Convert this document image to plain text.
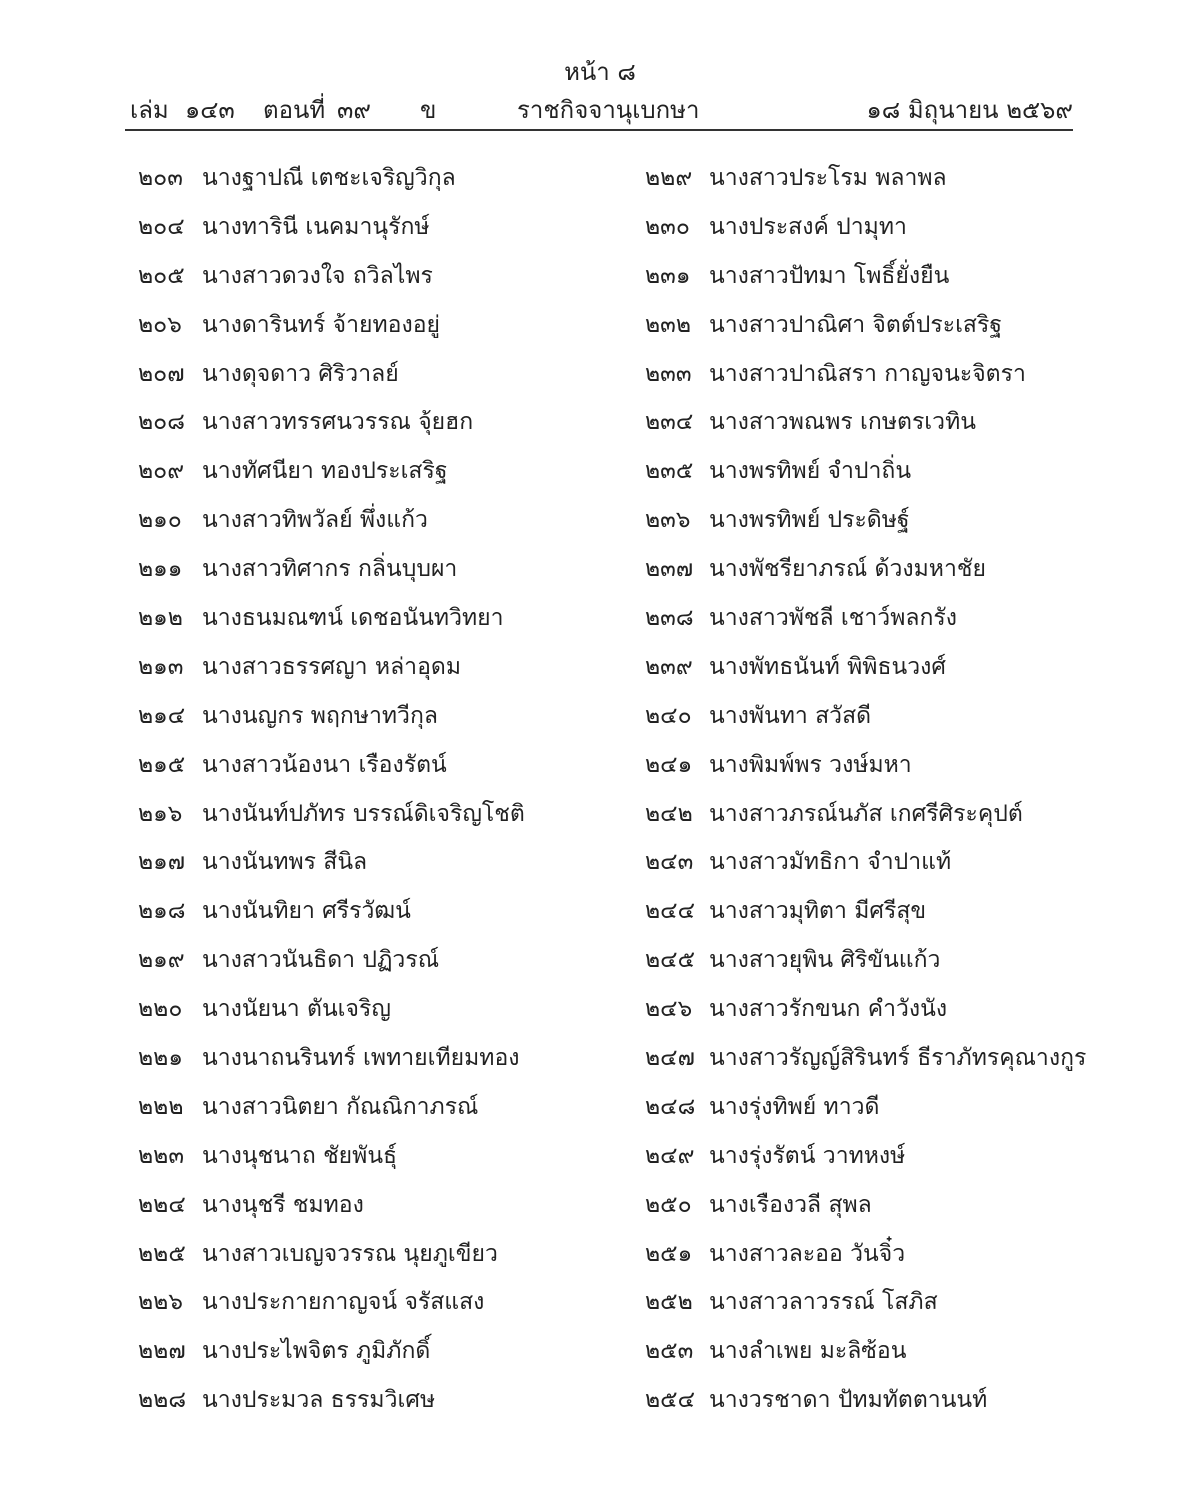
หน้า ๘
เล่ม ๑๔๓ ตอนที่ ๓๙ ข	ราชกิจจานุเบกษา	๑๘ มิถุนายน ๒๕๖๙
๒๐๓ นางฐาปณี เตชะเจริญวิกุล
๒๐๔ นางทารินี เนคมานุรักษ์
๒๐๕ นางสาวดวงใจ ถวิลไพร
๒๐๖ นางดารินทร์ จ้ายทองอยู่
๒๐๗ นางดุจดาว ศิริวาลย์
๒๐๘ นางสาวทรรศนวรรณ จุ้ยฮก
๒๐๙ นางทัศนียา ทองประเสริฐ
๒๑๐ นางสาวทิพวัลย์ พึ่งแก้ว
๒๑๑ นางสาวทิศากร กลิ่นบุบผา
๒๑๒ นางธนมณฑน์ เดชอนันทวิทยา
๒๑๓ นางสาวธรรศญา หล่าอุดม
๒๑๔ นางนญกร พฤกษาทวีกุล
๒๑๕ นางสาวน้องนา เรืองรัตน์
๒๑๖ นางนันท์ปภัทร บรรณ์ดิเจริญโชติ
๒๑๗ นางนันทพร สีนิล
๒๑๘ นางนันทิยา ศรีรวัฒน์
๒๑๙ นางสาวนันธิดา ปฏิวรณ์
๒๒๐ นางนัยนา ตันเจริญ
๒๒๑ นางนาถนรินทร์ เพทายเทียมทอง
๒๒๒ นางสาวนิตยา กัณณิกาภรณ์
๒๒๓ นางนุชนาถ ชัยพันธุ์
๒๒๔ นางนุชรี ชมทอง
๒๒๕ นางสาวเบญจวรรณ นุยภูเขียว
๒๒๖ นางประกายกาญจน์ จรัสแสง
๒๒๗ นางประไพจิตร ภูมิภักดิ์
๒๒๘ นางประมวล ธรรมวิเศษ
๒๒๙ นางสาวประโรม พลาพล
๒๓๐ นางประสงค์ ปามุทา
๒๓๑ นางสาวปัทมา โพธิ์ยั่งยืน
๒๓๒ นางสาวปาณิศา จิตต์ประเสริฐ
๒๓๓ นางสาวปาณิสรา กาญจนะจิตรา
๒๓๔ นางสาวพณพร เกษตรเวทิน
๒๓๕ นางพรทิพย์ จำปาถิ่น
๒๓๖ นางพรทิพย์ ประดิษฐ์
๒๓๗ นางพัชรียาภรณ์ ด้วงมหาชัย
๒๓๘ นางสาวพัชลี เชาว์พลกรัง
๒๓๙ นางพัทธนันท์ พิพิธนวงศ์
๒๔๐ นางพันทา สวัสดี
๒๔๑ นางพิมพ์พร วงษ์มหา
๒๔๒ นางสาวภรณ์นภัส เกศรีศิระคุปต์
๒๔๓ นางสาวมัทธิกา จำปาแท้
๒๔๔ นางสาวมุทิตา มีศรีสุข
๒๔๕ นางสาวยุพิน ศิริขันแก้ว
๒๔๖ นางสาวรักขนก คำวังนัง
๒๔๗ นางสาวรัญญ์สิรินทร์ ธีราภัทรคุณางกูร
๒๔๘ นางรุ่งทิพย์ ทาวดี
๒๔๙ นางรุ่งรัตน์ วาทหงษ์
๒๕๐ นางเรืองวลี สุพล
๒๕๑ นางสาวละออ วันจิ๋ว
๒๕๒ นางสาวลาวรรณ์ โสภิส
๒๕๓ นางลำเพย มะลิซ้อน
๒๕๔ นางวรชาดา ปัทมทัตตานนท์
